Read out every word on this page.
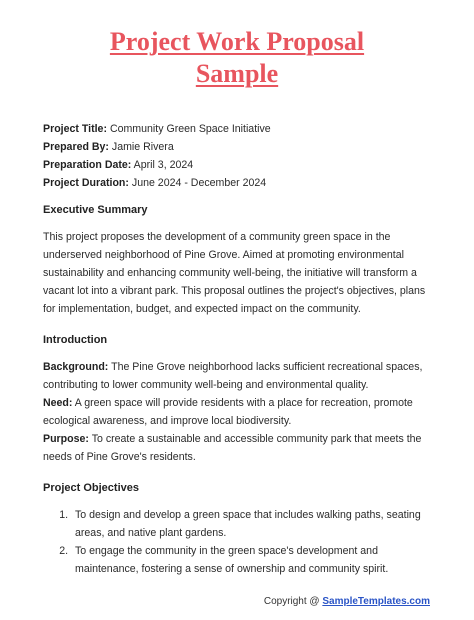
Project Work Proposal
Sample

Project Title: Community Green Space Initiative

Prepared By: Jamie Rivera

Preparation Date: April 3, 2024

Project Duration: June 2024 - December 2024

Executive Summary

This project proposes the development of a community green space in the underserved neighborhood of Pine Grove. Aimed at promoting environmental sustainability and enhancing community well-being, the initiative will transform a vacant lot into a vibrant park. This proposal outlines the project's objectives, plans for implementation, budget, and expected impact on the community.

Introduction

Background: The Pine Grove neighborhood lacks sufficient recreational spaces, contributing to lower community well-being and environmental quality.

Need: A green space will provide residents with a place for recreation, promote ecological awareness, and improve local biodiversity.

Purpose: To create a sustainable and accessible community park that meets the needs of Pine Grove's residents.

Project Objectives
1. To design and develop a green space that includes walking paths, seating areas, and native plant gardens.
2. To engage the community in the green space's development and maintenance, fostering a sense of ownership and community spirit.
Copyright @ SampleTemplates.com
